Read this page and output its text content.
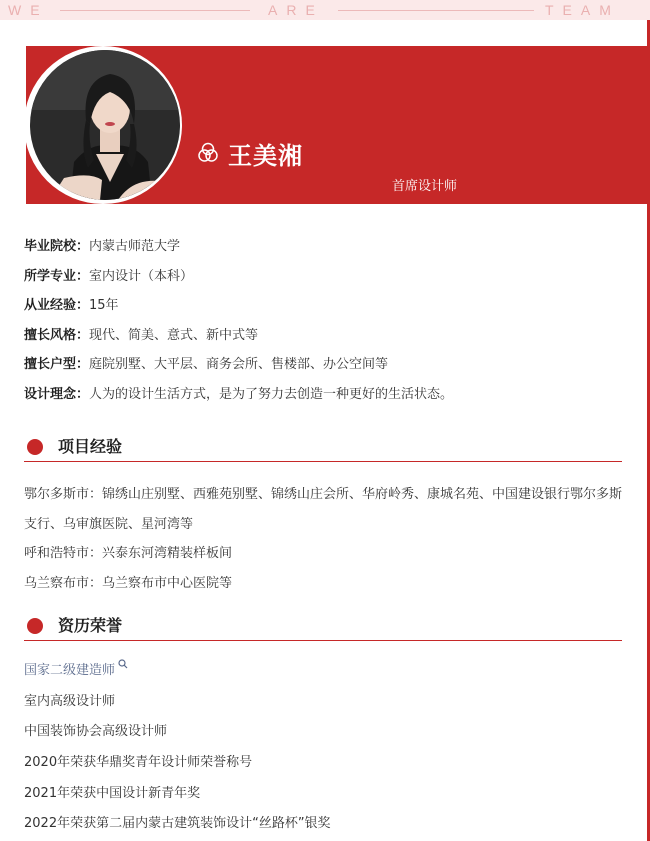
WE	ARE	TEAM
王美湘
首席设计师
毕业院校：内蒙古师范大学
所学专业：室内设计（本科）
从业经验：15年
擅长风格：现代、简美、意式、新中式等
擅长户型：庭院别墅、大平层、商务会所、售楼部、办公空间等
设计理念：人为的设计生活方式，是为了努力去创造一种更好的生活状态。
项目经验
鄂尔多斯市：锦绣山庄别墅、西雅苑别墅、锦绣山庄会所、华府岭秀、康城名苑、中国建设银行鄂尔多斯支行、乌审旗医院、星河湾等
呼和浩特市：兴泰东河湾精装样板间
乌兰察布市：乌兰察布市中心医院等
资历荣誉
国家二级建造师
室内高级设计师
中国装饰协会高级设计师
2020年荣获华鼎奖青年设计师荣誉称号
2021年荣获中国设计新青年奖
2022年荣获第二届内蒙古建筑装饰设计“丝路杯”银奖
